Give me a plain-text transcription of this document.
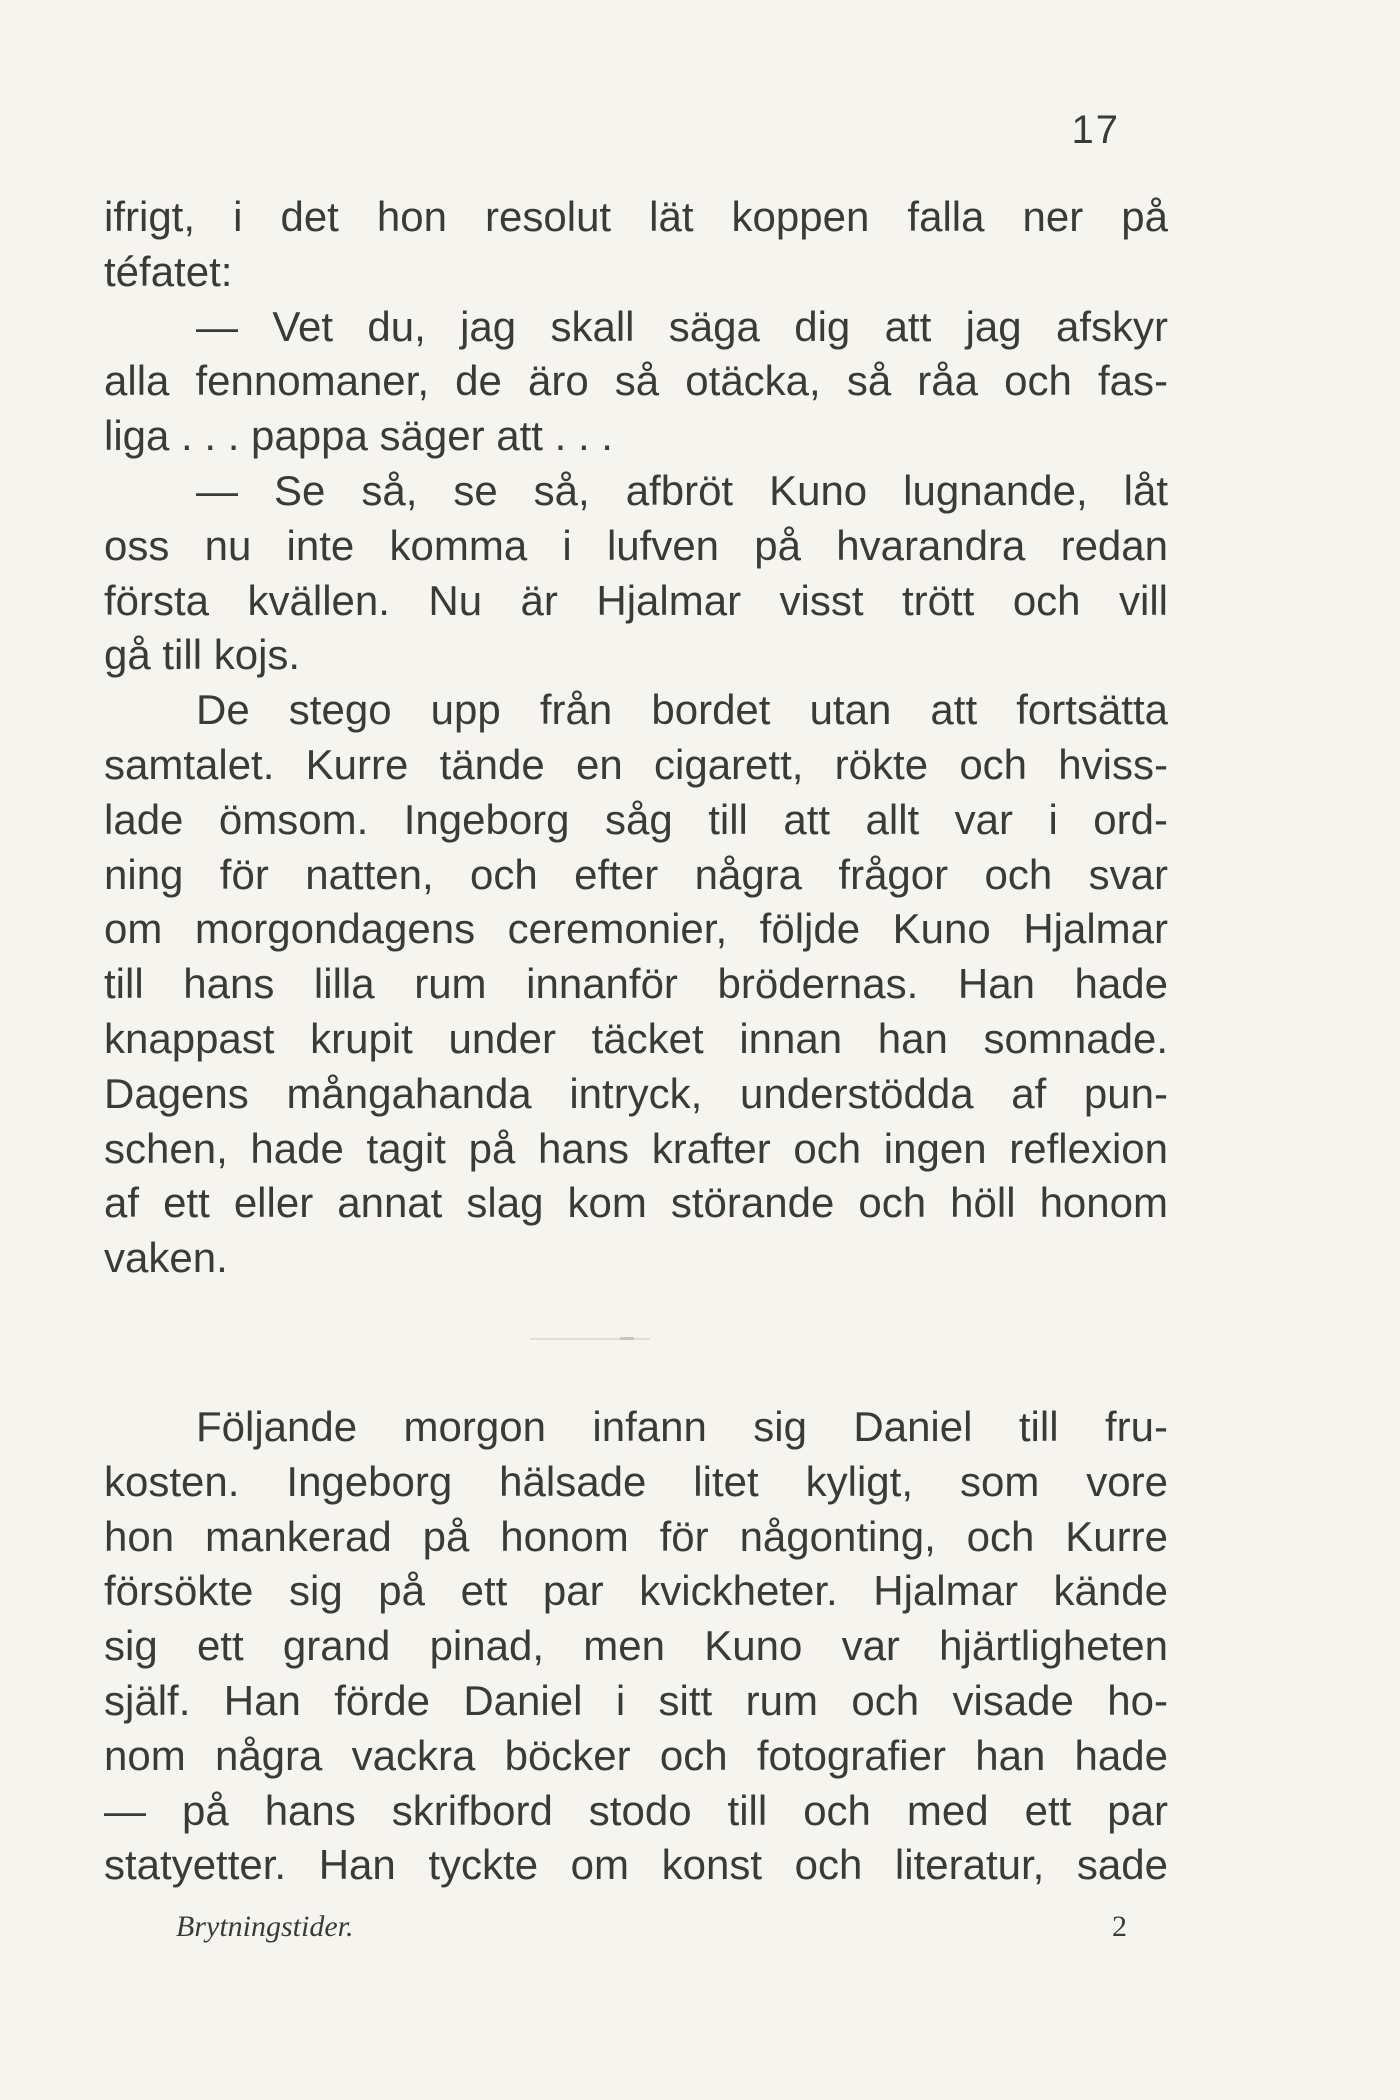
17
ifrigt, i det hon resolut lät koppen falla ner på
téfatet:
— Vet du, jag skall säga dig att jag afskyr
alla fennomaner, de äro så otäcka, så råa och fas-
liga . . . pappa säger att . . .
— Se så, se så, afbröt Kuno lugnande, låt
oss nu inte komma i lufven på hvarandra redan
första kvällen. Nu är Hjalmar visst trött och vill
gå till kojs.
De stego upp från bordet utan att fortsätta
samtalet. Kurre tände en cigarett, rökte och hviss-
lade ömsom. Ingeborg såg till att allt var i ord-
ning för natten, och efter några frågor och svar
om morgondagens ceremonier, följde Kuno Hjalmar
till hans lilla rum innanför brödernas. Han hade
knappast krupit under täcket innan han somnade.
Dagens mångahanda intryck, understödda af pun-
schen, hade tagit på hans krafter och ingen reflexion
af ett eller annat slag kom störande och höll honom
vaken.
Följande morgon infann sig Daniel till fru-
kosten. Ingeborg hälsade litet kyligt, som vore
hon mankerad på honom för någonting, och Kurre
försökte sig på ett par kvickheter. Hjalmar kände
sig ett grand pinad, men Kuno var hjärtligheten
själf. Han förde Daniel i sitt rum och visade ho-
nom några vackra böcker och fotografier han hade
— på hans skrifbord stodo till och med ett par
statyetter. Han tyckte om konst och literatur, sade
Brytningstider.	2
